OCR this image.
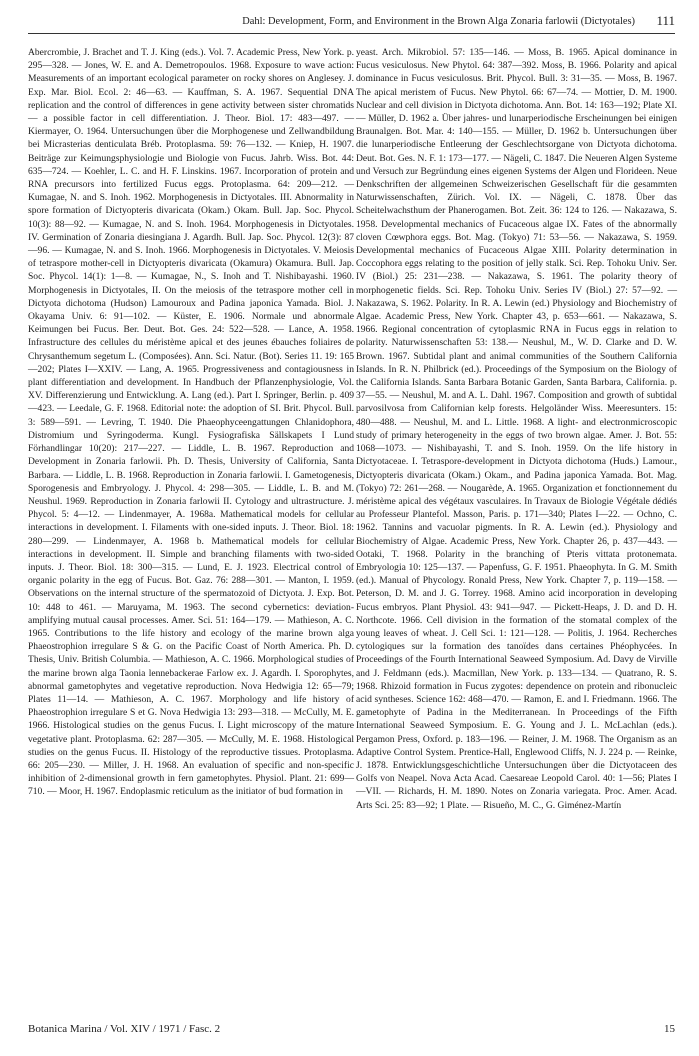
Dahl: Development, Form, and Environment in the Brown Alga Zonaria farlowii (Dictyotales) 111

Abercrombie, J. Brachet and T. J. King (eds.). Vol. 7. Academic Press, New York. p. 295—328. — Jones, W. E. and A. Demetropoulos. 1968. Exposure to wave action: Measurements of an important ecological parameter on rocky shores on Anglesey. J. Exp. Mar. Biol. Ecol. 2: 46—63. — Kauffman, S. A. 1967. Sequential DNA replication and the control of differences in gene activity between sister chromatids — a possible factor in cell differentiation. J. Theor. Biol. 17: 483—497. — Kiermayer, O. 1964. Untersuchungen über die Morphogenese und Zellwandbildung bei Micrasterias denticulata Bréb. Protoplasma. 59: 76—132. — Kniep, H. 1907. Beiträge zur Keimungsphysiologie und Biologie von Fucus. Jahrb. Wiss. Bot. 44: 635—724. — Koehler, L. C. and H. F. Linskins. 1967. Incorporation of protein and RNA precursors into fertilized Fucus eggs. Protoplasma. 64: 209—212. — Kumagae, N. and S. Inoh. 1962. Morphogenesis in Dictyotales. III. Abnormality in spore formation of Dictyopteris divaricata (Okam.) Okam. Bull. Jap. Soc. Phycol. 10(3): 88—92. — Kumagae, N. and S. Inoh. 1964. Morphogenesis in Dictyotales. IV. Germination of Zonaria diesingiana J. Agardh. Bull. Jap. Soc. Phycol. 12(3): 87—96. — Kumagae, N. and S. Inoh. 1966. Morphogenesis in Dictyotales. V. Meiosis of tetraspore mother-cell in Dictyopteris divaricata (Okamura) Okamura. Bull. Jap. Soc. Phycol. 14(1): 1—8. — Kumagae, N., S. Inoh and T. Nishibayashi. 1960. Morphogenesis in Dictyotales, II. On the meiosis of the tetraspore mother cell in Dictyota dichotoma (Hudson) Lamouroux and Padina japonica Yamada. Biol. J. Okayama Univ. 6: 91—102. — Küster, E. 1906. Normale und abnormale Keimungen bei Fucus. Ber. Deut. Bot. Ges. 24: 522—528. — Lance, A. 1958. Infrastructure des cellules du méristème apical et des jeunes ébauches foliaires de Chrysanthemum segetum L. (Composées). Ann. Sci. Natur. (Bot). Series 11. 19: 165—202; Plates I—XXIV. — Lang, A. 1965. Progressiveness and contagiousness in plant differentiation and development. In Handbuch der Pflanzenphysiologie, Vol. XV. Differenzierung und Entwicklung. A. Lang (ed.). Part I. Springer, Berlin. p. 409—423. — Leedale, G. F. 1968. Editorial note: the adoption of SI. Brit. Phycol. Bull. 3: 589—591. — Levring, T. 1940. Die Phaeophyceengattungen Chlanidophora, Distromium und Syringoderma. Kungl. Fysiografiska Sällskapets I Lund Förhandlingar 10(20): 217—227. — Liddle, L. B. 1967. Reproduction and Development in Zonaria farlowii. Ph. D. Thesis, University of California, Santa Barbara. — Liddle, L. B. 1968. Reproduction in Zonaria farlowii. I. Gametogenesis, Sporogenesis and Embryology. J. Phycol. 4: 298—305. — Liddle, L. B. and M. Neushul. 1969. Reproduction in Zonaria farlowii II. Cytology and ultrastructure. J. Phycol. 5: 4—12. — Lindenmayer, A. 1968a. Mathematical models for cellular interactions in development. I. Filaments with one-sided inputs. J. Theor. Biol. 18: 280—299. — Lindenmayer, A. 1968 b. Mathematical models for cellular interactions in development. II. Simple and branching filaments with two-sided inputs. J. Theor. Biol. 18: 300—315. — Lund, E. J. 1923. Electrical control of organic polarity in the egg of Fucus. Bot. Gaz. 76: 288—301. — Manton, I. 1959. Observations on the internal structure of the spermatozoid of Dictyota. J. Exp. Bot. 10: 448 to 461. — Maruyama, M. 1963. The second cybernetics: deviation-amplifying mutual causal processes. Amer. Sci. 51: 164—179. — Mathieson, A. C. 1965. Contributions to the life history and ecology of the marine brown alga Phaeostrophion irregulare S & G. on the Pacific Coast of North America. Ph. D. Thesis, Univ. British Columbia. — Mathieson, A. C. 1966. Morphological studies of the marine brown alga Taonia lennebackerae Farlow ex. J. Agardh. I. Sporophytes, abnormal gametophytes and vegetative reproduction. Nova Hedwigia 12: 65—79; Plates 11—14. — Mathieson, A. C. 1967. Morphology and life history of Phaeostrophion irregulare S et G. Nova Hedwigia 13: 293—318. — McCully, M. E. 1966. Histological studies on the genus Fucus. I. Light microscopy of the mature vegetative plant. Protoplasma. 62: 287—305. — McCully, M. E. 1968. Histological studies on the genus Fucus. II. Histology of the reproductive tissues. Protoplasma. 66: 205—230. — Miller, J. H. 1968. An evaluation of specific and non-specific inhibition of 2-dimensional growth in fern gametophytes. Physiol. Plant. 21: 699—710. — Moor, H. 1967. Endoplasmic reticulum as the initiator of bud formation in

yeast. Arch. Mikrobiol. 57: 135—146. — Moss, B. 1965. Apical dominance in Fucus vesiculosus. New Phytol. 64: 387—392. Moss, B. 1966. Polarity and apical dominance in Fucus vesiculosus. Brit. Phycol. Bull. 3: 31—35. — Moss, B. 1967. The apical meristem of Fucus. New Phytol. 66: 67—74. — Mottier, D. M. 1900. Nuclear and cell division in Dictyota dichotoma. Ann. Bot. 14: 163—192; Plate XI. — Müller, D. 1962 a. Über jahres- und lunarperiodische Erscheinungen bei einigen Braunalgen. Bot. Mar. 4: 140—155. — Müller, D. 1962 b. Untersuchungen über die lunarperiodische Entleerung der Geschlechtsorgane von Dictyota dichotoma. Deut. Bot. Ges. N. F. 1: 173—177. — Nägeli, C. 1847. Die Neueren Algen Systeme und Versuch zur Begründung eines eigenen Systems der Algen und Florideen. Neue Denkschriften der allgemeinen Schweizerischen Gesellschaft für die gesammten Naturwissenschaften, Zürich. Vol. IX. — Nägeli, C. 1878. Über das Scheitelwachsthum der Phanerogamen. Bot. Zeit. 36: 124 to 126. — Nakazawa, S. 1958. Developmental mechanics of Fucaceous algae IX. Fates of the abnormally cloven Cœwphora eggs. Bot. Mag. (Tokyo) 71: 53—56. — Nakazawa, S. 1959. Developmental mechanics of Fucaceous Algae XIII. Polarity determination in Coccophora eggs relating to the position of jelly stalk. Sci. Rep. Tohoku Univ. Ser. IV (Biol.) 25: 231—238. — Nakazawa, S. 1961. The polarity theory of morphogenetic fields. Sci. Rep. Tohoku Univ. Series IV (Biol.) 27: 57—92. — Nakazawa, S. 1962. Polarity. In R. A. Lewin (ed.) Physiology and Biochemistry of Algae. Academic Press, New York. Chapter 43, p. 653—661. — Nakazawa, S. 1966. Regional concentration of cytoplasmic RNA in Fucus eggs in relation to polarity. Naturwissenschaften 53: 138.— Neushul, M., W. D. Clarke and D. W. Brown. 1967. Subtidal plant and animal communities of the Southern California Islands. In R. N. Philbrick (ed.). Proceedings of the Symposium on the Biology of the California Islands. Santa Barbara Botanic Garden, Santa Barbara, California. p. 37—55. — Neushul, M. and A. L. Dahl. 1967. Composition and growth of subtidal parvosilvosa from Californian kelp forests. Helgoländer Wiss. Meeresunters. 15: 480—488. — Neushul, M. and L. Little. 1968. A light- and electronmicroscopic study of primary heterogeneity in the eggs of two brown algae. Amer. J. Bot. 55: 1068—1073. — Nishibayashi, T. and S. Inoh. 1959. On the life history in Dictyotaceae. I. Tetraspore-development in Dictyota dichotoma (Huds.) Lamour., Dictyopteris divaricata (Okam.) Okam., and Padina japonica Yamada. Bot. Mag. (Tokyo) 72: 261—268. — Nougarède, A. 1965. Organization et fonctionnement du méristème apical des végétaux vasculaires. In Travaux de Biologie Végétale dédiés au Professeur Plantefol. Masson, Paris. p. 171—340; Plates I—22. — Ochno, C. 1962. Tannins and vacuolar pigments. In R. A. Lewin (ed.). Physiology and Biochemistry of Algae. Academic Press, New York. Chapter 26, p. 437—443. — Ootaki, T. 1968. Polarity in the branching of Pteris vittata protonemata. Embryologia 10: 125—137. — Papenfuss, G. F. 1951. Phaeophyta. In G. M. Smith (ed.). Manual of Phycology. Ronald Press, New York. Chapter 7, p. 119—158. — Peterson, D. M. and J. G. Torrey. 1968. Amino acid incorporation in developing Fucus embryos. Plant Physiol. 43: 941—947. — Pickett-Heaps, J. D. and D. H. Northcote. 1966. Cell division in the formation of the stomatal complex of the young leaves of wheat. J. Cell Sci. 1: 121—128. — Politis, J. 1964. Recherches cytologiques sur la formation des tanoïdes dans certaines Phéophycées. In Proceedings of the Fourth International Seaweed Symposium. Ad. Davy de Virville and J. Feldmann (eds.). Macmillan, New York. p. 133—134. — Quatrano, R. S. 1968. Rhizoid formation in Fucus zygotes: dependence on protein and ribonucleic acid syntheses. Science 162: 468—470. — Ramon, E. and I. Friedmann. 1966. The gametophyte of Padina in the Mediterranean. In Proceedings of the Fifth International Seaweed Symposium. E. G. Young and J. L. McLachlan (eds.). Pergamon Press, Oxford. p. 183—196. — Reiner, J. M. 1968. The Organism as an Adaptive Control System. Prentice-Hall, Englewood Cliffs, N. J. 224 p. — Reinke, J. 1878. Entwicklungsgeschichtliche Untersuchungen über die Dictyotaceen des Golfs von Neapel. Nova Acta Acad. Caesareae Leopold Carol. 40: 1—56; Plates I—VII. — Richards, H. M. 1890. Notes on Zonaria variegata. Proc. Amer. Acad. Arts Sci. 25: 83—92; 1 Plate. — Risueño, M. C., G. Giménez-Martín

Botanica Marina / Vol. XIV / 1971 / Fasc. 2	15
